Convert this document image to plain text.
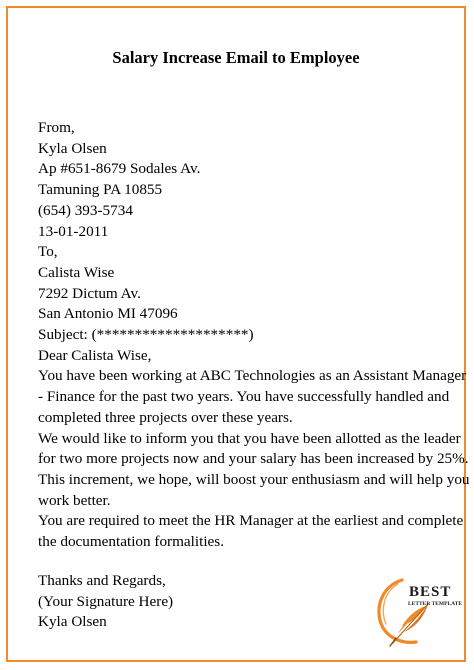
Salary Increase Email to Employee
From,
Kyla Olsen
Ap #651-8679 Sodales Av.
Tamuning PA 10855
(654) 393-5734
13-01-2011
To,
Calista Wise
7292 Dictum Av.
San Antonio MI 47096
Subject: (********************)
Dear Calista Wise,
You have been working at ABC Technologies as an Assistant Manager
- Finance for the past two years. You have successfully handled and
completed three projects over these years.
We would like to inform you that you have been allotted as the leader
for two more projects now and your salary has been increased by 25%.
This increment, we hope, will boost your enthusiasm and will help you
work better.
You are required to meet the HR Manager at the earliest and complete
the documentation formalities.
Thanks and Regards,
(Your Signature Here)
Kyla Olsen
BEST
LETTER TEMPLATE
